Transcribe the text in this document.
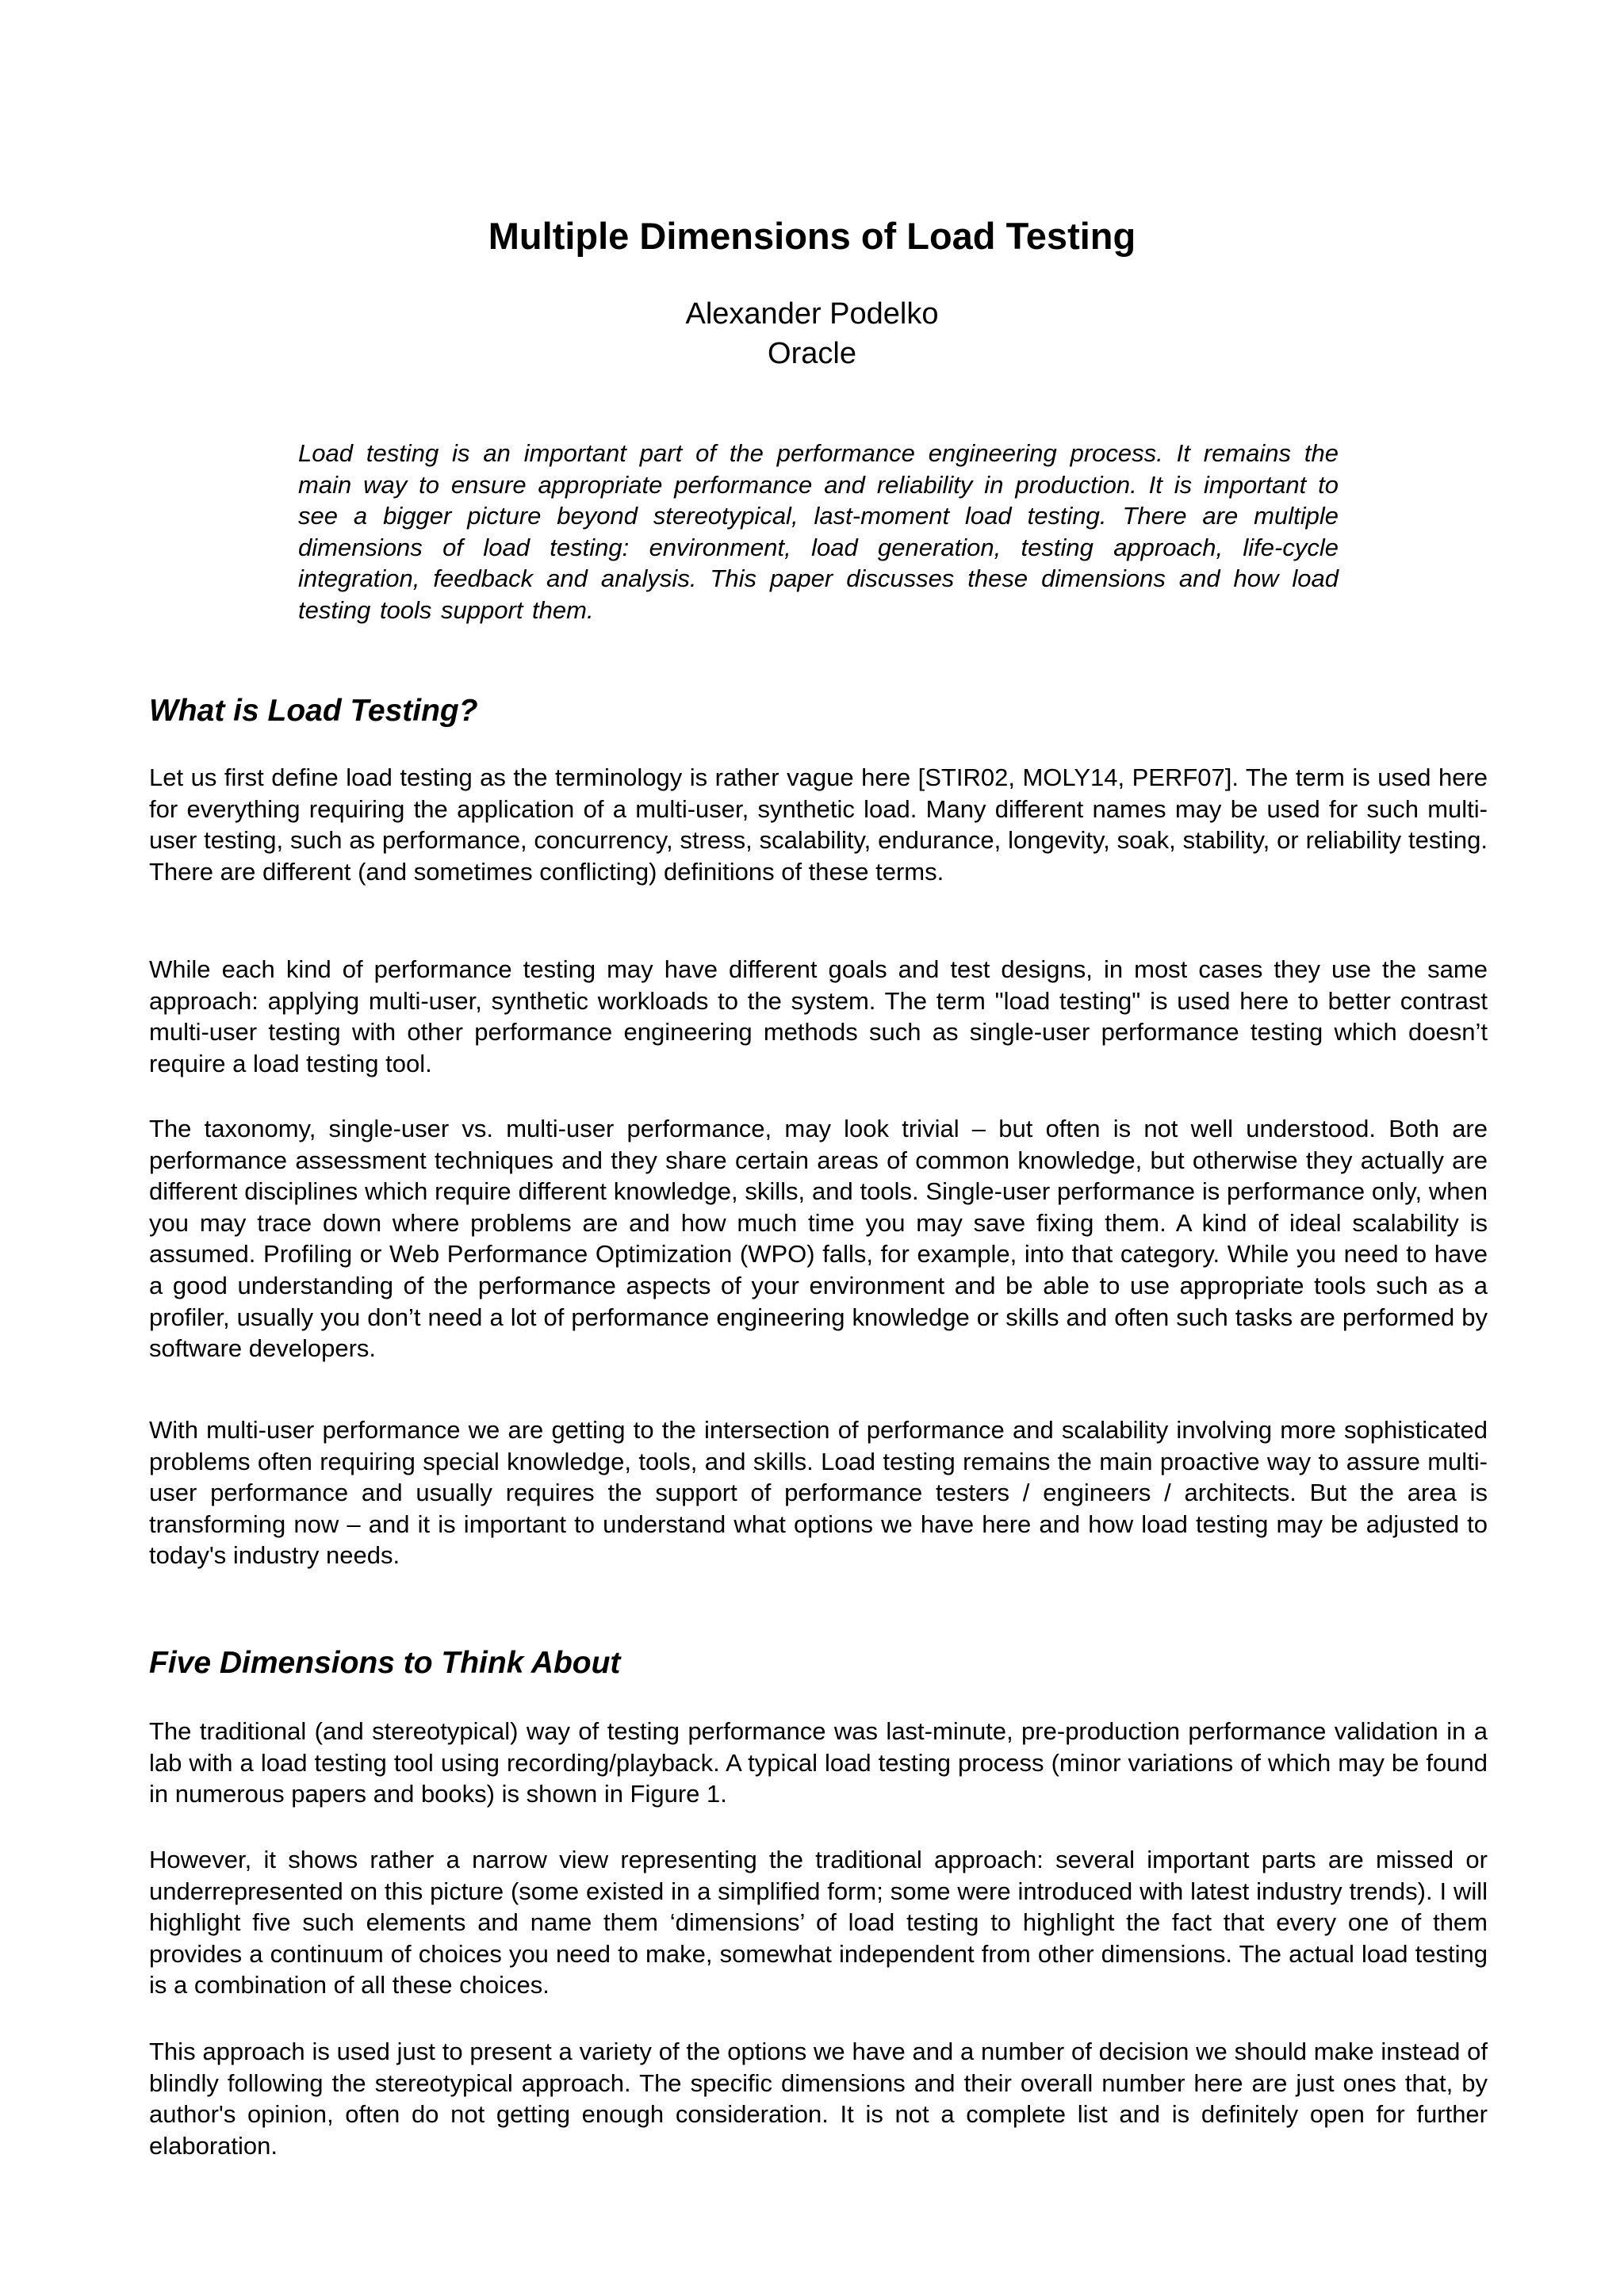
Multiple Dimensions of Load Testing
Alexander Podelko
Oracle

Load testing is an important part of the performance engineering process. It remains the main way to ensure appropriate performance and reliability in production. It is important to see a bigger picture beyond stereotypical, last-moment load testing. There are multiple dimensions of load testing: environment, load generation, testing approach, life-cycle integration, feedback and analysis. This paper discusses these dimensions and how load testing tools support them.

What is Load Testing?

Let us first define load testing as the terminology is rather vague here [STIR02, MOLY14, PERF07]. The term is used here for everything requiring the application of a multi-user, synthetic load. Many different names may be used for such multi-user testing, such as performance, concurrency, stress, scalability, endurance, longevity, soak, stability, or reliability testing. There are different (and sometimes conflicting) definitions of these terms.

While each kind of performance testing may have different goals and test designs, in most cases they use the same approach: applying multi-user, synthetic workloads to the system. The term "load testing" is used here to better contrast multi-user testing with other performance engineering methods such as single-user performance testing which doesn’t require a load testing tool.

The taxonomy, single-user vs. multi-user performance, may look trivial – but often is not well understood. Both are performance assessment techniques and they share certain areas of common knowledge, but otherwise they actually are different disciplines which require different knowledge, skills, and tools. Single-user performance is performance only, when you may trace down where problems are and how much time you may save fixing them. A kind of ideal scalability is assumed. Profiling or Web Performance Optimization (WPO) falls, for example, into that category. While you need to have a good understanding of the performance aspects of your environment and be able to use appropriate tools such as a profiler, usually you don’t need a lot of performance engineering knowledge or skills and often such tasks are performed by software developers.

With multi-user performance we are getting to the intersection of performance and scalability involving more sophisticated problems often requiring special knowledge, tools, and skills. Load testing remains the main proactive way to assure multi-user performance and usually requires the support of performance testers / engineers / architects. But the area is transforming now – and it is important to understand what options we have here and how load testing may be adjusted to today's industry needs.

Five Dimensions to Think About

The traditional (and stereotypical) way of testing performance was last-minute, pre-production performance validation in a lab with a load testing tool using recording/playback. A typical load testing process (minor variations of which may be found in numerous papers and books) is shown in Figure 1.

However, it shows rather a narrow view representing the traditional approach: several important parts are missed or underrepresented on this picture (some existed in a simplified form; some were introduced with latest industry trends). I will highlight five such elements and name them ‘dimensions’ of load testing to highlight the fact that every one of them provides a continuum of choices you need to make, somewhat independent from other dimensions. The actual load testing is a combination of all these choices.

This approach is used just to present a variety of the options we have and a number of decision we should make instead of blindly following the stereotypical approach. The specific dimensions and their overall number here are just ones that, by author's opinion, often do not getting enough consideration. It is not a complete list and is definitely open for further elaboration.
